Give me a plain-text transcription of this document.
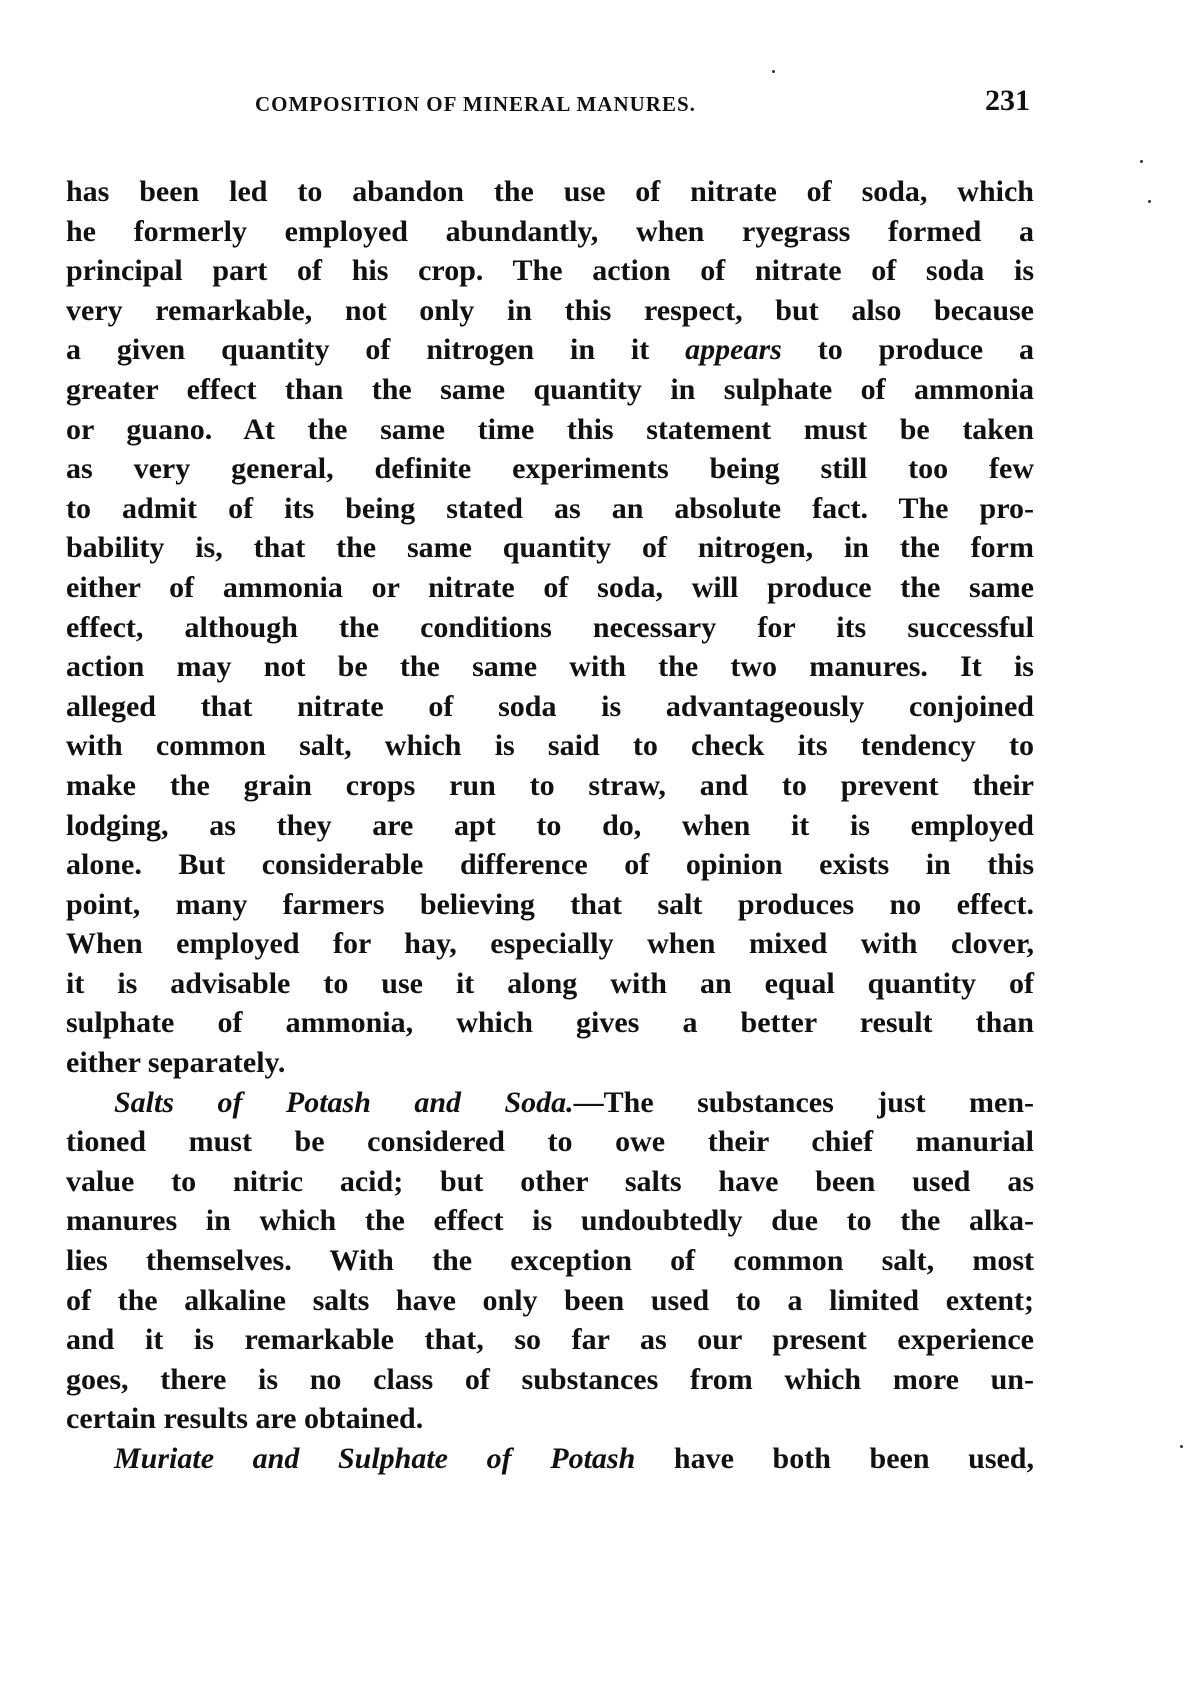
COMPOSITION OF MINERAL MANURES.	231
has been led to abandon the use of nitrate of soda, which
he formerly employed abundantly, when ryegrass formed a
principal part of his crop. The action of nitrate of soda is
very remarkable, not only in this respect, but also because
a given quantity of nitrogen in it appears to produce a
greater effect than the same quantity in sulphate of ammonia
or guano. At the same time this statement must be taken
as very general, definite experiments being still too few
to admit of its being stated as an absolute fact. The pro-
bability is, that the same quantity of nitrogen, in the form
either of ammonia or nitrate of soda, will produce the same
effect, although the conditions necessary for its successful
action may not be the same with the two manures. It is
alleged that nitrate of soda is advantageously conjoined
with common salt, which is said to check its tendency to
make the grain crops run to straw, and to prevent their
lodging, as they are apt to do, when it is employed
alone. But considerable difference of opinion exists in this
point, many farmers believing that salt produces no effect.
When employed for hay, especially when mixed with clover,
it is advisable to use it along with an equal quantity of
sulphate of ammonia, which gives a better result than
either separately.
Salts of Potash and Soda.—The substances just men-
tioned must be considered to owe their chief manurial
value to nitric acid; but other salts have been used as
manures in which the effect is undoubtedly due to the alka-
lies themselves. With the exception of common salt, most
of the alkaline salts have only been used to a limited extent;
and it is remarkable that, so far as our present experience
goes, there is no class of substances from which more un-
certain results are obtained.
Muriate and Sulphate of Potash have both been used,
